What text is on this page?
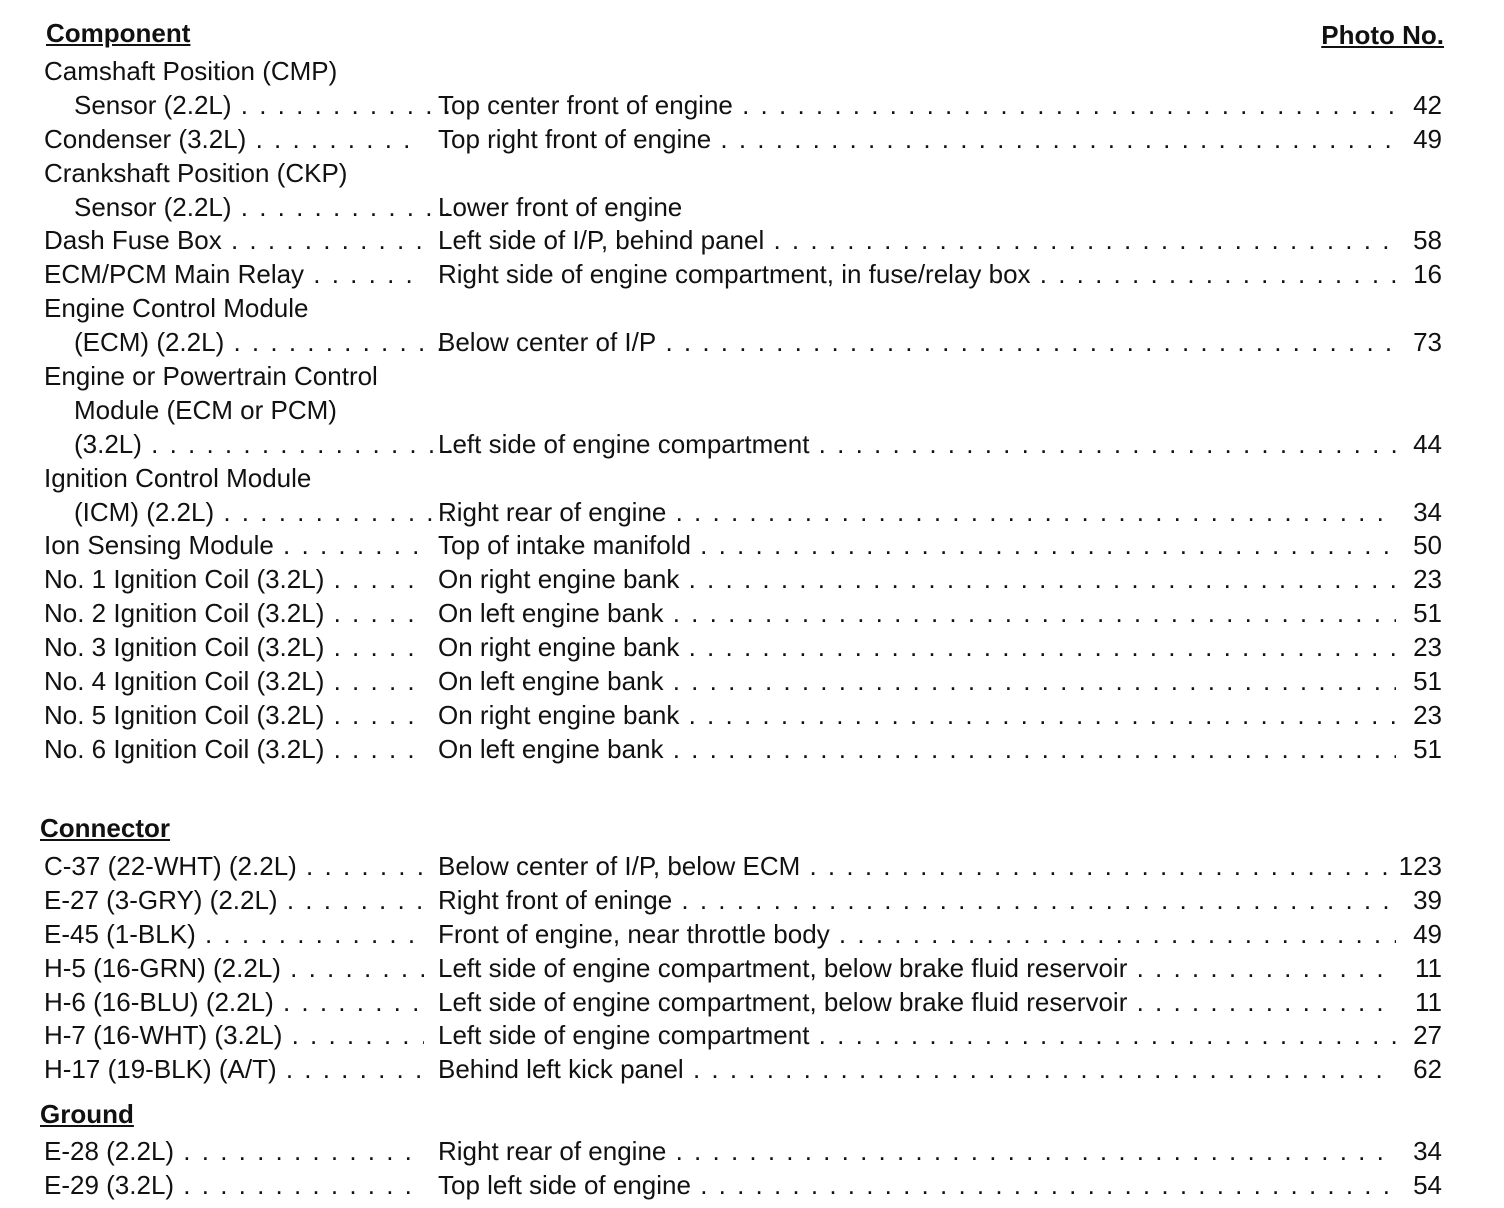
Component	Photo No.
Camshaft Position (CMP)
Sensor (2.2L) . . .	Top center front of engine . . .	42
Condenser (3.2L) . . .	Top right front of engine . . .	49
Crankshaft Position (CKP)
Sensor (2.2L) . . .	Lower front of engine
Dash Fuse Box . . .	Left side of I/P, behind panel . . .	58
ECM/PCM Main Relay . . .	Right side of engine compartment, in fuse/relay box . . .	16
Engine Control Module
(ECM) (2.2L) . . .	Below center of I/P . . .	73
Engine or Powertrain Control
Module (ECM or PCM)
(3.2L) . . .	Left side of engine compartment . . .	44
Ignition Control Module
(ICM) (2.2L) . . .	Right rear of engine . . .	34
Ion Sensing Module . . .	Top of intake manifold . . .	50
No. 1 Ignition Coil (3.2L) . . .	On right engine bank . . .	23
No. 2 Ignition Coil (3.2L) . . .	On left engine bank . . .	51
No. 3 Ignition Coil (3.2L) . . .	On right engine bank . . .	23
No. 4 Ignition Coil (3.2L) . . .	On left engine bank . . .	51
No. 5 Ignition Coil (3.2L) . . .	On right engine bank . . .	23
No. 6 Ignition Coil (3.2L) . . .	On left engine bank . . .	51
Connector
C-37 (22-WHT) (2.2L) . . .	Below center of I/P, below ECM . . .	123
E-27 (3-GRY) (2.2L) . . .	Right front of eninge . . .	39
E-45 (1-BLK) . . .	Front of engine, near throttle body . . .	49
H-5 (16-GRN) (2.2L) . . .	Left side of engine compartment, below brake fluid reservoir . . .	11
H-6 (16-BLU) (2.2L) . . .	Left side of engine compartment, below brake fluid reservoir . . .	11
H-7 (16-WHT) (3.2L) . . .	Left side of engine compartment . . .	27
H-17 (19-BLK) (A/T) . . .	Behind left kick panel . . .	62
Ground
E-28 (2.2L) . . .	Right rear of engine . . .	34
E-29 (3.2L) . . .	Top left side of engine . . .	54
